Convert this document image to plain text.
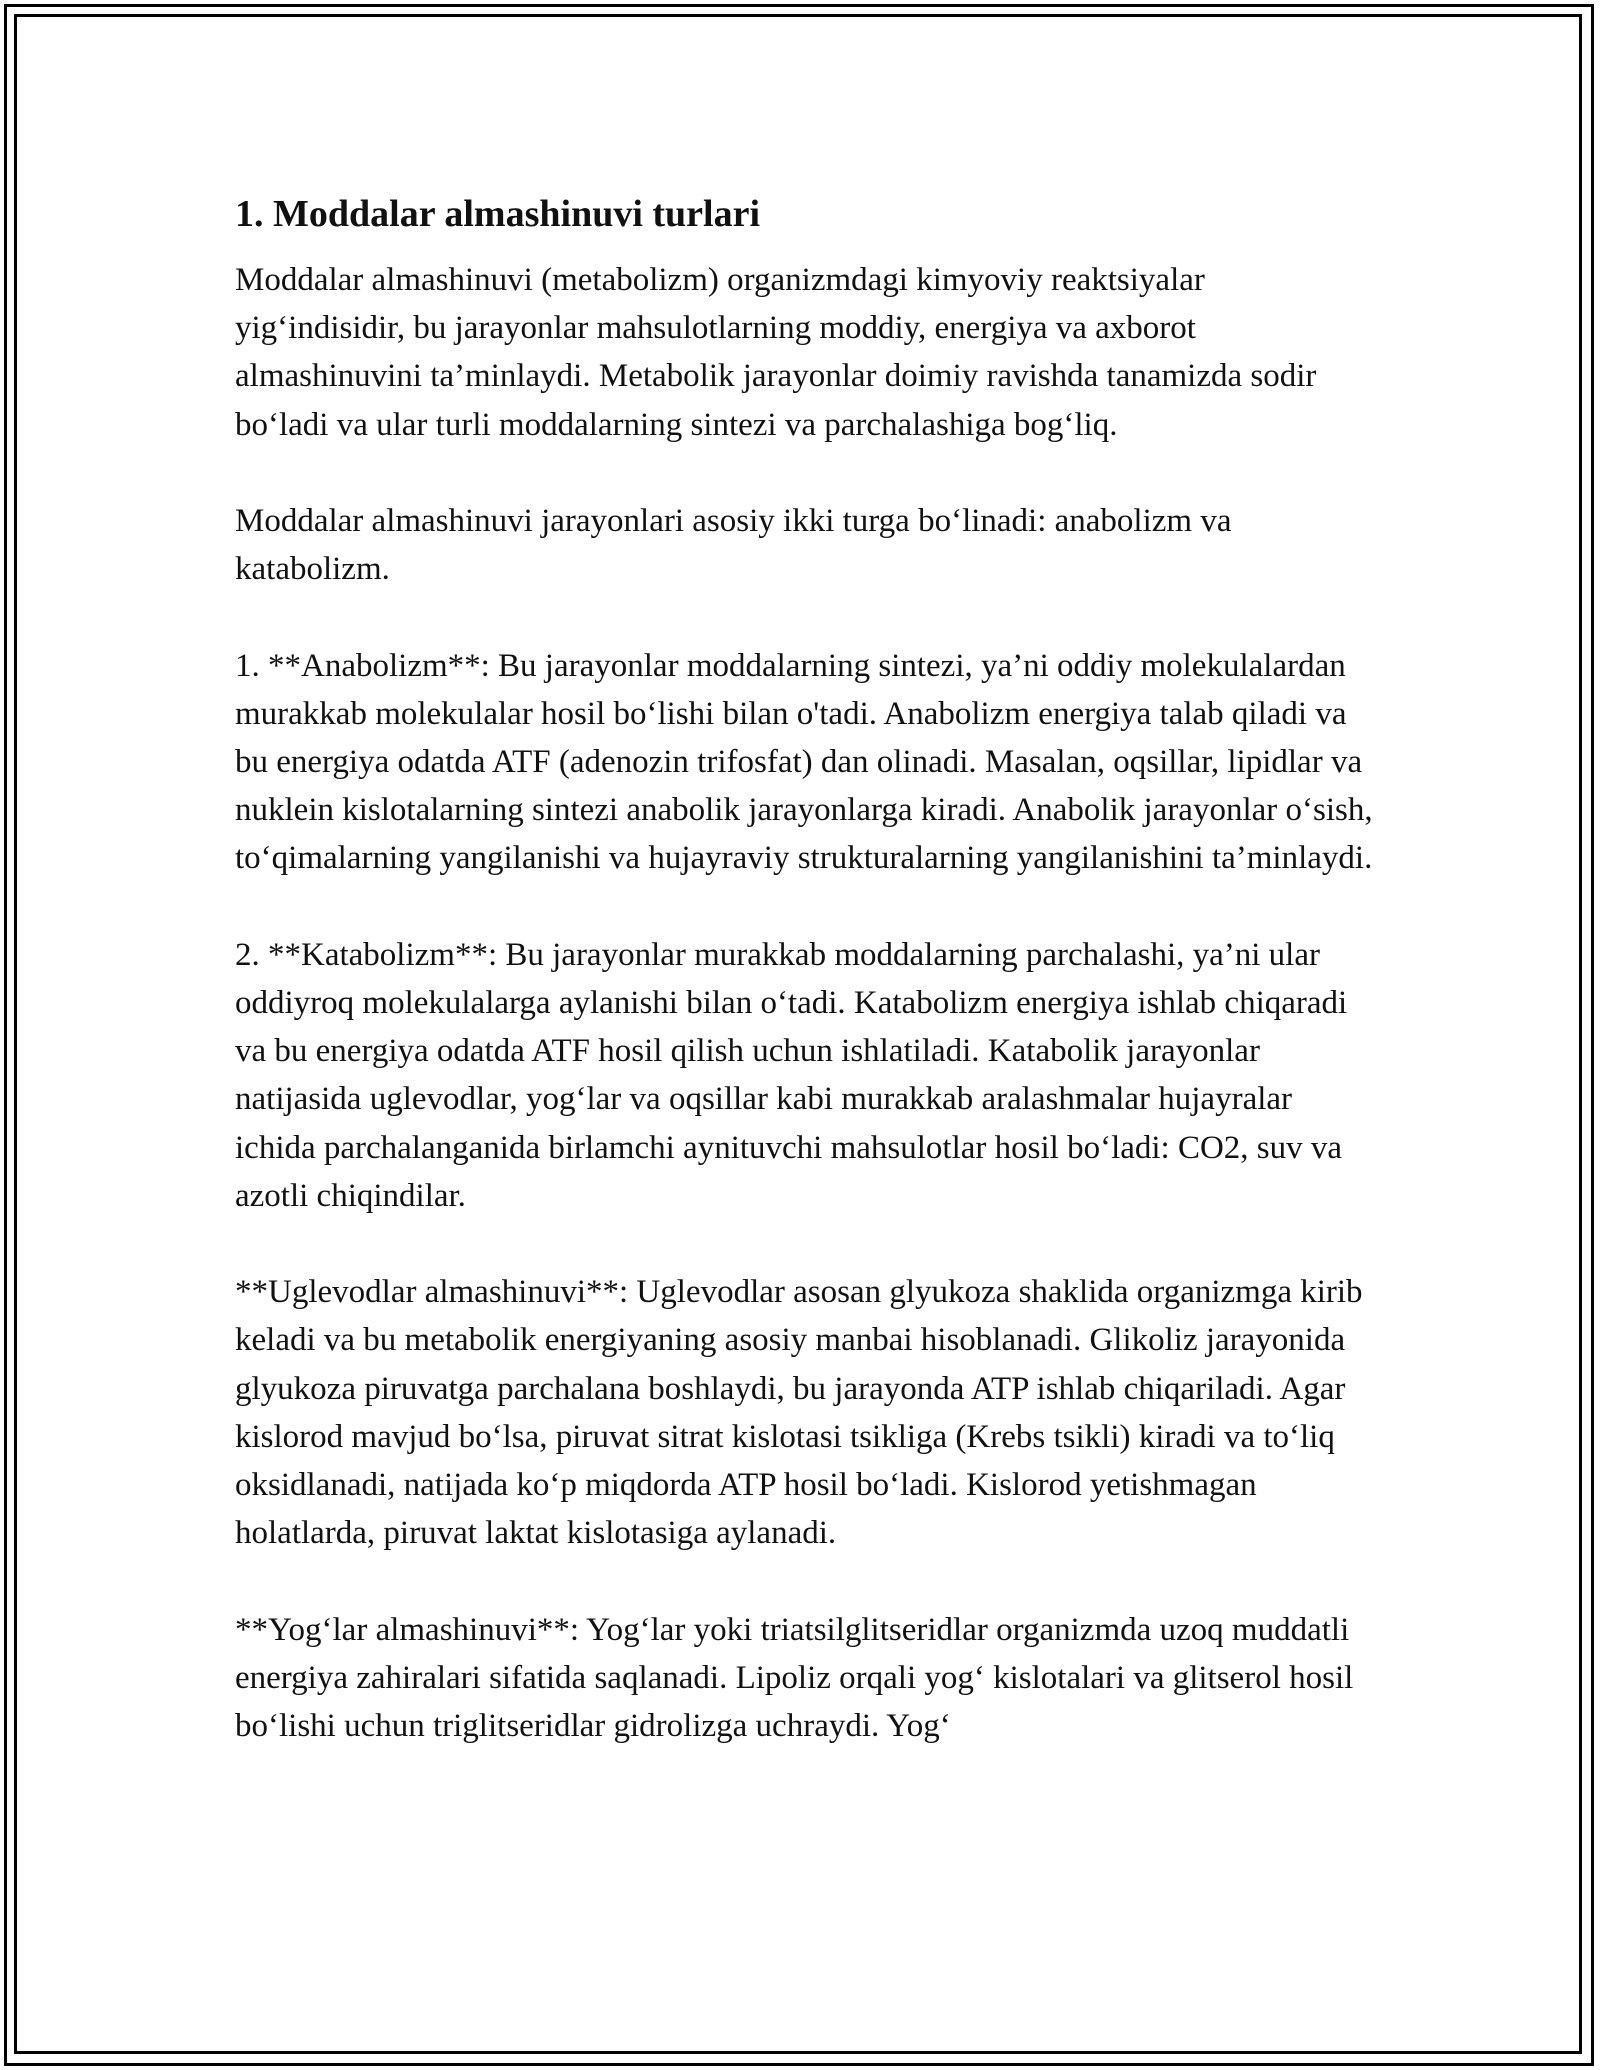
1. Moddalar almashinuvi turlari

Moddalar almashinuvi (metabolizm) organizmdagi kimyoviy reaktsiyalar yig‘indisidir, bu jarayonlar mahsulotlarning moddiy, energiya va axborot almashinuvini ta’minlaydi. Metabolik jarayonlar doimiy ravishda tanamizda sodir bo‘ladi va ular turli moddalarning sintezi va parchalashiga bog‘liq.

Moddalar almashinuvi jarayonlari asosiy ikki turga bo‘linadi: anabolizm va katabolizm.

1. **Anabolizm**: Bu jarayonlar moddalarning sintezi, ya’ni oddiy molekulalardan murakkab molekulalar hosil bo‘lishi bilan o'tadi. Anabolizm energiya talab qiladi va bu energiya odatda ATF (adenozin trifosfat) dan olinadi. Masalan, oqsillar, lipidlar va nuklein kislotalarning sintezi anabolik jarayonlarga kiradi. Anabolik jarayonlar o‘sish, to‘qimalarning yangilanishi va hujayraviy strukturalarning yangilanishini ta’minlaydi.

2. **Katabolizm**: Bu jarayonlar murakkab moddalarning parchalashi, ya’ni ular oddiyroq molekulalarga aylanishi bilan o‘tadi. Katabolizm energiya ishlab chiqaradi va bu energiya odatda ATF hosil qilish uchun ishlatiladi. Katabolik jarayonlar natijasida uglevodlar, yog‘lar va oqsillar kabi murakkab aralashmalar hujayralar ichida parchalanganida birlamchi aynituvchi mahsulotlar hosil bo‘ladi: CO2, suv va azotli chiqindilar.

**Uglevodlar almashinuvi**: Uglevodlar asosan glyukoza shaklida organizmga kirib keladi va bu metabolik energiyaning asosiy manbai hisoblanadi. Glikoliz jarayonida glyukoza piruvatga parchalana boshlaydi, bu jarayonda ATP ishlab chiqariladi. Agar kislorod mavjud bo‘lsa, piruvat sitrat kislotasi tsikliga (Krebs tsikli) kiradi va to‘liq oksidlanadi, natijada ko‘p miqdorda ATP hosil bo‘ladi. Kislorod yetishmagan holatlarda, piruvat laktat kislotasiga aylanadi.

**Yog‘lar almashinuvi**: Yog‘lar yoki triatsilglitseridlar organizmda uzoq muddatli energiya zahiralari sifatida saqlanadi. Lipoliz orqali yog‘ kislotalari va glitserol hosil bo‘lishi uchun triglitseridlar gidrolizga uchraydi. Yog‘
